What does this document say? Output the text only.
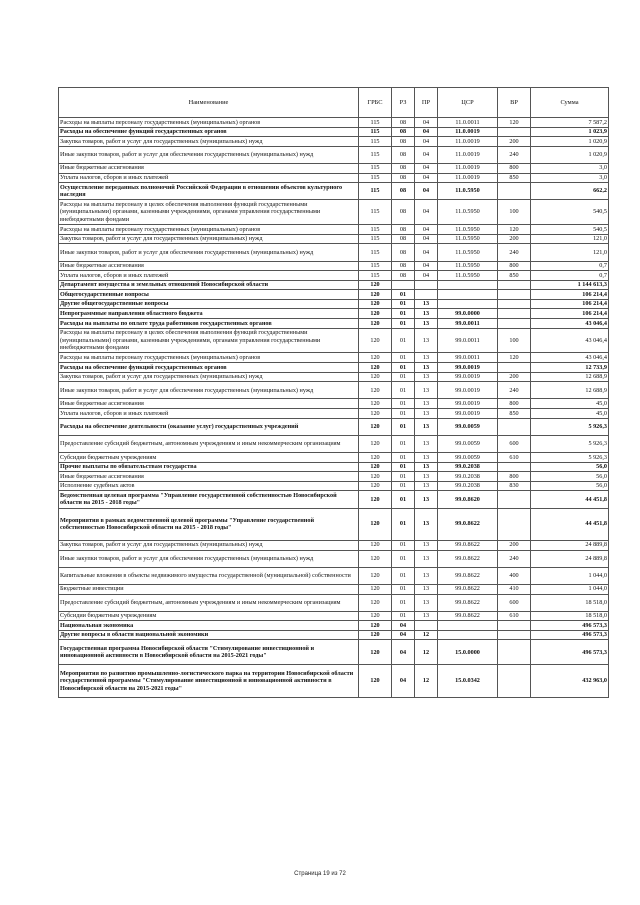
Наименование	ГРБС	РЗ	ПР	ЦСР	ВР	Сумма
Расходы на выплаты персоналу государственных (муниципальных) органов	115	08	04	11.0.0011	120	7 587,2
Расходы на обеспечение функций государственных органов	115	08	04	11.0.0019		1 023,9
Закупка товаров, работ и услуг для государственных (муниципальных) нужд	115	08	04	11.0.0019	200	1 020,9
Иные закупки товаров, работ и услуг для обеспечения государственных (муниципальных) нужд	115	08	04	11.0.0019	240	1 020,9
Иные бюджетные ассигнования	115	08	04	11.0.0019	800	3,0
Уплата налогов, сборов и иных платежей	115	08	04	11.0.0019	850	3,0
Осуществление переданных полномочий Российской Федерации в отношении объектов культурного наследия	115	08	04	11.0.5950		662,2
Расходы на выплаты персоналу в целях обеспечения выполнения функций государственными (муниципальными) органами, казенными учреждениями, органами управления государственными внебюджетными фондами	115	08	04	11.0.5950	100	540,5
Расходы на выплаты персоналу государственных (муниципальных) органов	115	08	04	11.0.5950	120	540,5
Закупка товаров, работ и услуг для государственных (муниципальных) нужд	115	08	04	11.0.5950	200	121,0
Иные закупки товаров, работ и услуг для обеспечения государственных (муниципальных) нужд	115	08	04	11.0.5950	240	121,0
Иные бюджетные ассигнования	115	08	04	11.0.5950	800	0,7
Уплата налогов, сборов и иных платежей	115	08	04	11.0.5950	850	0,7
Департамент имущества и земельных отношений Новосибирской области	120					1 144 613,3
Общегосударственные вопросы	120	01				106 214,4
Другие общегосударственные вопросы	120	01	13			106 214,4
Непрограммные направления областного бюджета	120	01	13	99.0.0000		106 214,4
Расходы на выплаты по оплате труда работников государственных органов	120	01	13	99.0.0011		43 046,4
Расходы на выплаты персоналу в целях обеспечения выполнения функций государственными (муниципальными) органами, казенными учреждениями, органами управления государственными внебюджетными фондами	120	01	13	99.0.0011	100	43 046,4
Расходы на выплаты персоналу государственных (муниципальных) органов	120	01	13	99.0.0011	120	43 046,4
Расходы на обеспечение функций государственных органов	120	01	13	99.0.0019		12 733,9
Закупка товаров, работ и услуг для государственных (муниципальных) нужд	120	01	13	99.0.0019	200	12 688,9
Иные закупки товаров, работ и услуг для обеспечения государственных (муниципальных) нужд	120	01	13	99.0.0019	240	12 688,9
Иные бюджетные ассигнования	120	01	13	99.0.0019	800	45,0
Уплата налогов, сборов и иных платежей	120	01	13	99.0.0019	850	45,0
Расходы на обеспечение деятельности (оказание услуг) государственных учреждений	120	01	13	99.0.0059		5 926,3
Предоставление субсидий бюджетным, автономным учреждениям и иным некоммерческим организациям	120	01	13	99.0.0059	600	5 926,3
Субсидии бюджетным учреждениям	120	01	13	99.0.0059	610	5 926,3
Прочие выплаты по обязательствам государства	120	01	13	99.0.2038		56,0
Иные бюджетные ассигнования	120	01	13	99.0.2038	800	56,0
Исполнение судебных актов	120	01	13	99.0.2038	830	56,0
Ведомственная целевая программа "Управление государственной собственностью Новосибирской области на 2015 - 2018 годы"	120	01	13	99.0.8620		44 451,8
Мероприятия в рамках ведомственной целевой программы "Управление государственной собственностью Новосибирской области на 2015 - 2018 годы"	120	01	13	99.0.8622		44 451,8
Закупка товаров, работ и услуг для государственных (муниципальных) нужд	120	01	13	99.0.8622	200	24 889,8
Иные закупки товаров, работ и услуг для обеспечения государственных (муниципальных) нужд	120	01	13	99.0.8622	240	24 889,8
Капитальные вложения в объекты недвижимого имущества государственной (муниципальной) собственности	120	01	13	99.0.8622	400	1 044,0
Бюджетные инвестиции	120	01	13	99.0.8622	410	1 044,0
Предоставление субсидий бюджетным, автономным учреждениям и иным некоммерческим организациям	120	01	13	99.0.8622	600	18 518,0
Субсидии бюджетным учреждениям	120	01	13	99.0.8622	610	18 518,0
Национальная экономика	120	04				496 573,3
Другие вопросы в области национальной экономики	120	04	12			496 573,3
Государственная программа Новосибирской области "Стимулирование инвестиционной и инновационной активности в Новосибирской области на 2015-2021 годы"	120	04	12	15.0.0000		496 573,3
Мероприятия по развитию промышленно-логистического парка на территории Новосибирской области государственной программы "Стимулирование инвестиционной и инновационной активности в Новосибирской области на 2015-2021 годы"	120	04	12	15.0.0342		432 963,0
Страница 19 из 72
